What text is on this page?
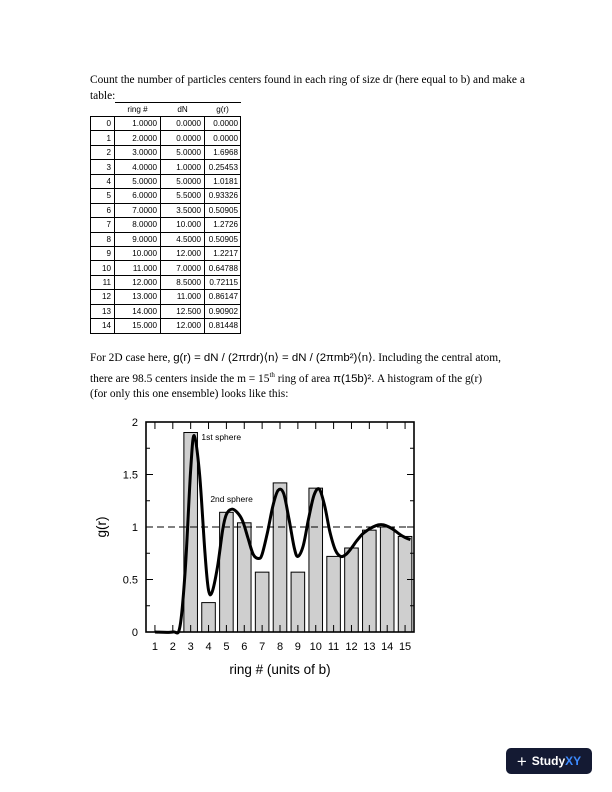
Count the number of particles centers found in each ring of size dr (here equal to b) and make a table:
	ring #	dN	g(r)
0	1.0000	0.0000	0.0000
1	2.0000	0.0000	0.0000
2	3.0000	5.0000	1.6968
3	4.0000	1.0000	0.25453
4	5.0000	5.0000	1.0181
5	6.0000	5.5000	0.93326
6	7.0000	3.5000	0.50905
7	8.0000	10.000	1.2726
8	9.0000	4.5000	0.50905
9	10.000	12.000	1.2217
10	11.000	7.0000	0.64788
11	12.000	8.5000	0.72115
12	13.000	11.000	0.86147
13	14.000	12.500	0.90902
14	15.000	12.000	0.81448
For 2D case here, g(r) = dN / (2πrdr)⟨n⟩ = dN / (2πmb²)⟨n⟩. Including the central atom,
there are 98.5 centers inside the m = 15th ring of area π(15b)². A histogram of the g(r)
(for only this one ensemble) looks like this:
1 2 3 4 5 6 7 8 9 10 11 12 13 14 15
0
0.5
1
1.5
2
1st sphere
2nd sphere
ring # (units of b)
g(r)
+ Study XY
